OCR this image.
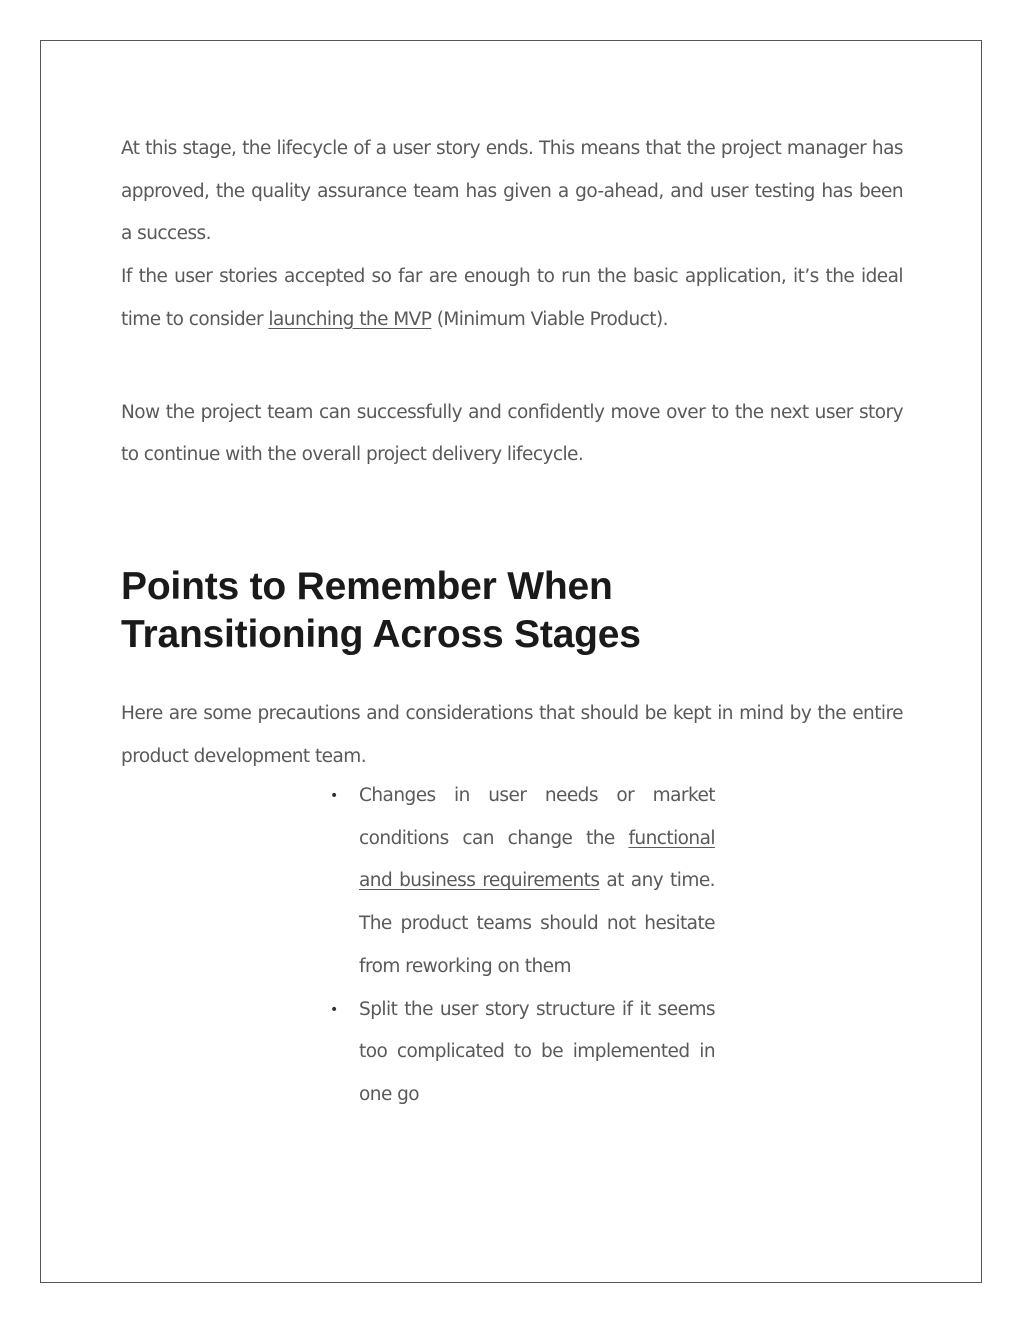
At this stage, the lifecycle of a user story ends. This means that the project manager has approved, the quality assurance team has given a go-ahead, and user testing has been a success.

If the user stories accepted so far are enough to run the basic application, it’s the ideal time to consider launching the MVP (Minimum Viable Product).

Now the project team can successfully and confidently move over to the next user story to continue with the overall project delivery lifecycle.

Points to Remember When
Transitioning Across Stages

Here are some precautions and considerations that should be kept in mind by the entire product development team.

• Changes in user needs or market conditions can change the functional and business requirements at any time. The product teams should not hesitate from reworking on them
• Split the user story structure if it seems too complicated to be implemented in one go
